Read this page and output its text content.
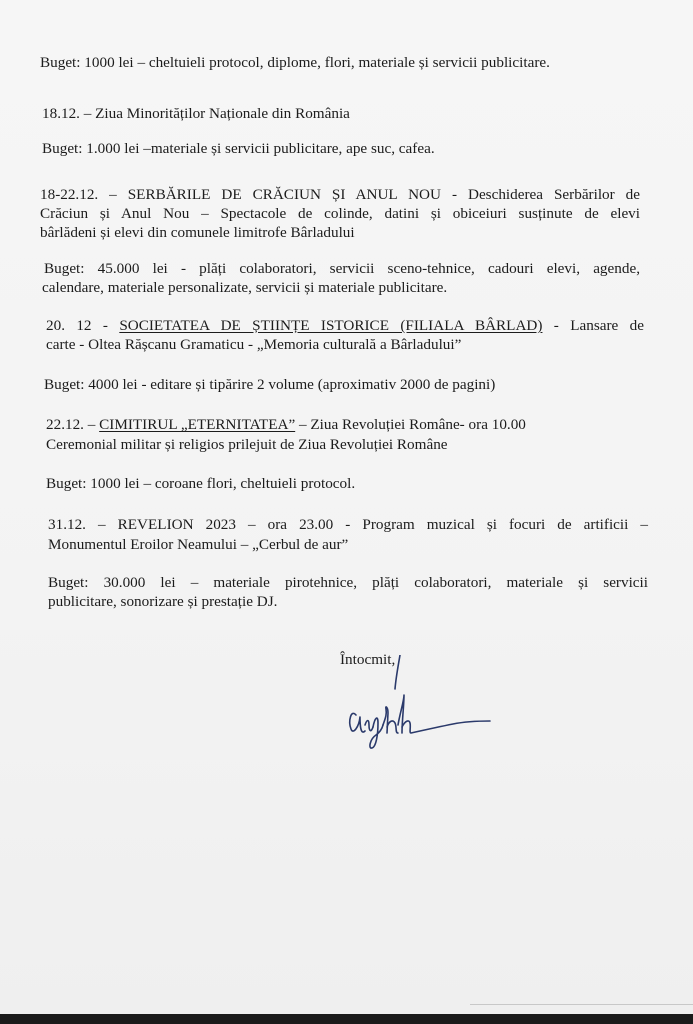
Buget: 1000 lei – cheltuieli protocol, diplome, flori, materiale și servicii publicitare.

18.12. – Ziua Minorităților Naționale din România

Buget: 1.000 lei –materiale și servicii publicitare, ape suc, cafea.

18-22.12. – SERBĂRILE DE CRĂCIUN ȘI ANUL NOU - Deschiderea Serbărilor de

Crăciun și Anul Nou – Spectacole de colinde, datini și obiceiuri susținute de elevi

bârlădeni și elevi din comunele limitrofe Bârladului

Buget: 45.000 lei - plăți colaboratori, servicii sceno-tehnice, cadouri elevi, agende,

calendare, materiale personalizate, servicii și materiale publicitare.

20. 12 - SOCIETATEA DE ȘTIINȚE ISTORICE (FILIALA BÂRLAD) - Lansare de

carte - Oltea Rășcanu Gramaticu - „Memoria culturală a Bârladului”

Buget: 4000 lei - editare și tipărire 2 volume (aproximativ 2000 de pagini)

22.12. – CIMITIRUL „ETERNITATEA” – Ziua Revoluției Române- ora 10.00

Ceremonial militar și religios prilejuit de Ziua Revoluției Române

Buget: 1000 lei – coroane flori, cheltuieli protocol.

31.12. – REVELION 2023 – ora 23.00 - Program muzical și focuri de artificii –

Monumentul Eroilor Neamului – „Cerbul de aur”

Buget: 30.000 lei – materiale pirotehnice, plăți colaboratori, materiale și servicii

publicitare, sonorizare și prestație DJ.

Întocmit,
